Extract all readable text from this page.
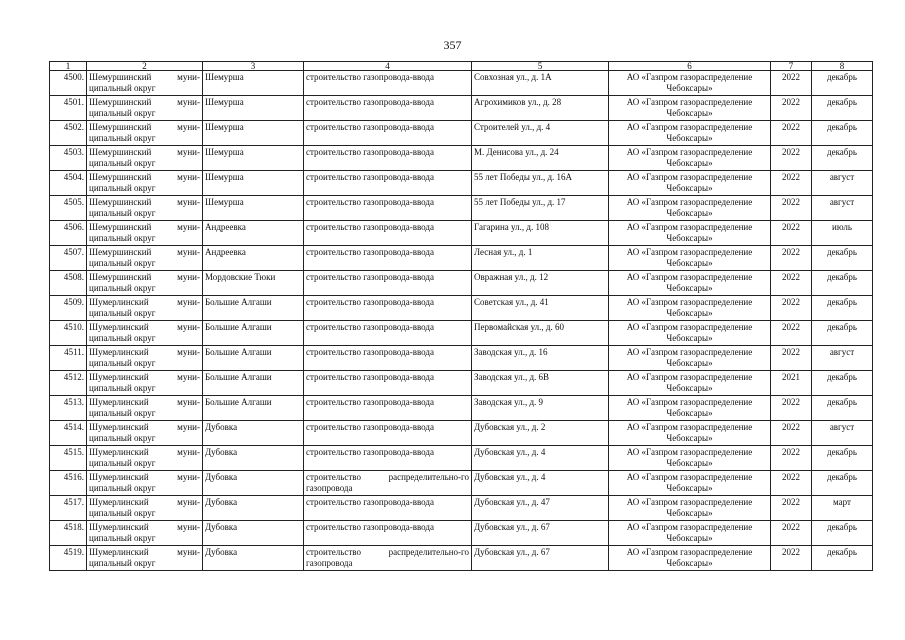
357
1	2	3	4	5	6	7	8
4500.	Шемуршинский муни-ципальный округ	Шемурша	строительство газопровода-ввода	Совхозная ул., д. 1А	АО «Газпром газораспределение Чебоксары»	2022	декабрь
4501.	Шемуршинский муни-ципальный округ	Шемурша	строительство газопровода-ввода	Агрохимиков ул., д. 28	АО «Газпром газораспределение Чебоксары»	2022	декабрь
4502.	Шемуршинский муни-ципальный округ	Шемурша	строительство газопровода-ввода	Строителей ул., д. 4	АО «Газпром газораспределение Чебоксары»	2022	декабрь
4503.	Шемуршинский муни-ципальный округ	Шемурша	строительство газопровода-ввода	М. Денисова ул., д. 24	АО «Газпром газораспределение Чебоксары»	2022	декабрь
4504.	Шемуршинский муни-ципальный округ	Шемурша	строительство газопровода-ввода	55 лет Победы ул., д. 16А	АО «Газпром газораспределение Чебоксары»	2022	август
4505.	Шемуршинский муни-ципальный округ	Шемурша	строительство газопровода-ввода	55 лет Победы ул., д. 17	АО «Газпром газораспределение Чебоксары»	2022	август
4506.	Шемуршинский муни-ципальный округ	Андреевка	строительство газопровода-ввода	Гагарина ул., д. 108	АО «Газпром газораспределение Чебоксары»	2022	июль
4507.	Шемуршинский муни-ципальный округ	Андреевка	строительство газопровода-ввода	Лесная ул., д. 1	АО «Газпром газораспределение Чебоксары»	2022	декабрь
4508.	Шемуршинский муни-ципальный округ	Мордовские Тюки	строительство газопровода-ввода	Овражная ул., д. 12	АО «Газпром газораспределение Чебоксары»	2022	декабрь
4509.	Шумерлинский муни-ципальный округ	Большие Алгаши	строительство газопровода-ввода	Советская ул., д. 41	АО «Газпром газораспределение Чебоксары»	2022	декабрь
4510.	Шумерлинский муни-ципальный округ	Большие Алгаши	строительство газопровода-ввода	Первомайская ул., д. 60	АО «Газпром газораспределение Чебоксары»	2022	декабрь
4511.	Шумерлинский муни-ципальный округ	Большие Алгаши	строительство газопровода-ввода	Заводская ул., д. 16	АО «Газпром газораспределение Чебоксары»	2022	август
4512.	Шумерлинский муни-ципальный округ	Большие Алгаши	строительство газопровода-ввода	Заводская ул., д. 6В	АО «Газпром газораспределение Чебоксары»	2021	декабрь
4513.	Шумерлинский муни-ципальный округ	Большие Алгаши	строительство газопровода-ввода	Заводская ул., д. 9	АО «Газпром газораспределение Чебоксары»	2022	декабрь
4514.	Шумерлинский муни-ципальный округ	Дубовка	строительство газопровода-ввода	Дубовская ул., д. 2	АО «Газпром газораспределение Чебоксары»	2022	август
4515.	Шумерлинский муни-ципальный округ	Дубовка	строительство газопровода-ввода	Дубовская ул., д. 4	АО «Газпром газораспределение Чебоксары»	2022	декабрь
4516.	Шумерлинский муни-ципальный округ	Дубовка	строительство распределительно-го газопровода	Дубовская ул., д. 4	АО «Газпром газораспределение Чебоксары»	2022	декабрь
4517.	Шумерлинский муни-ципальный округ	Дубовка	строительство газопровода-ввода	Дубовская ул., д. 47	АО «Газпром газораспределение Чебоксары»	2022	март
4518.	Шумерлинский муни-ципальный округ	Дубовка	строительство газопровода-ввода	Дубовская ул., д. 67	АО «Газпром газораспределение Чебоксары»	2022	декабрь
4519.	Шумерлинский муни-ципальный округ	Дубовка	строительство распределительно-го газопровода	Дубовская ул., д. 67	АО «Газпром газораспределение Чебоксары»	2022	декабрь
